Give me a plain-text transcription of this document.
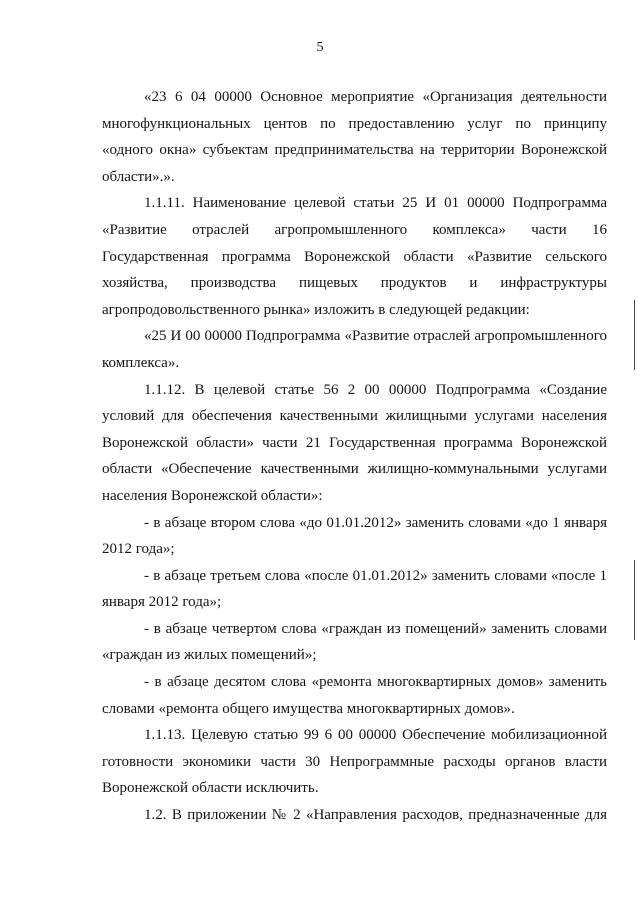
5

«23 6 04 00000 Основное мероприятие «Организация деятельности многофункциональных центов по предоставлению услуг по принципу «одного окна» субъектам предпринимательства на территории Воронежской области».».

1.1.11. Наименование целевой статьи 25 И 01 00000 Подпрограмма «Развитие отраслей агропромышленного комплекса» части 16 Государственная программа Воронежской области «Развитие сельского хозяйства, производства пищевых продуктов и инфраструктуры агропродовольственного рынка» изложить в следующей редакции:

«25 И 00 00000 Подпрограмма «Развитие отраслей агропромышленного комплекса».

1.1.12. В целевой статье 56 2 00 00000 Подпрограмма «Создание условий для обеспечения качественными жилищными услугами населения Воронежской области» части 21 Государственная программа Воронежской области «Обеспечение качественными жилищно-коммунальными услугами населения Воронежской области»:

- в абзаце втором слова «до 01.01.2012» заменить словами «до 1 января 2012 года»;

- в абзаце третьем слова «после 01.01.2012» заменить словами «после 1 января 2012 года»;

- в абзаце четвертом слова «граждан из помещений» заменить словами «граждан из жилых помещений»;

- в абзаце десятом слова «ремонта многоквартирных домов» заменить словами «ремонта общего имущества многоквартирных домов».

1.1.13. Целевую статью 99 6 00 00000 Обеспечение мобилизационной готовности экономики части 30 Непрограммные расходы органов власти Воронежской области исключить.

1.2. В приложении № 2 «Направления расходов, предназначенные для
